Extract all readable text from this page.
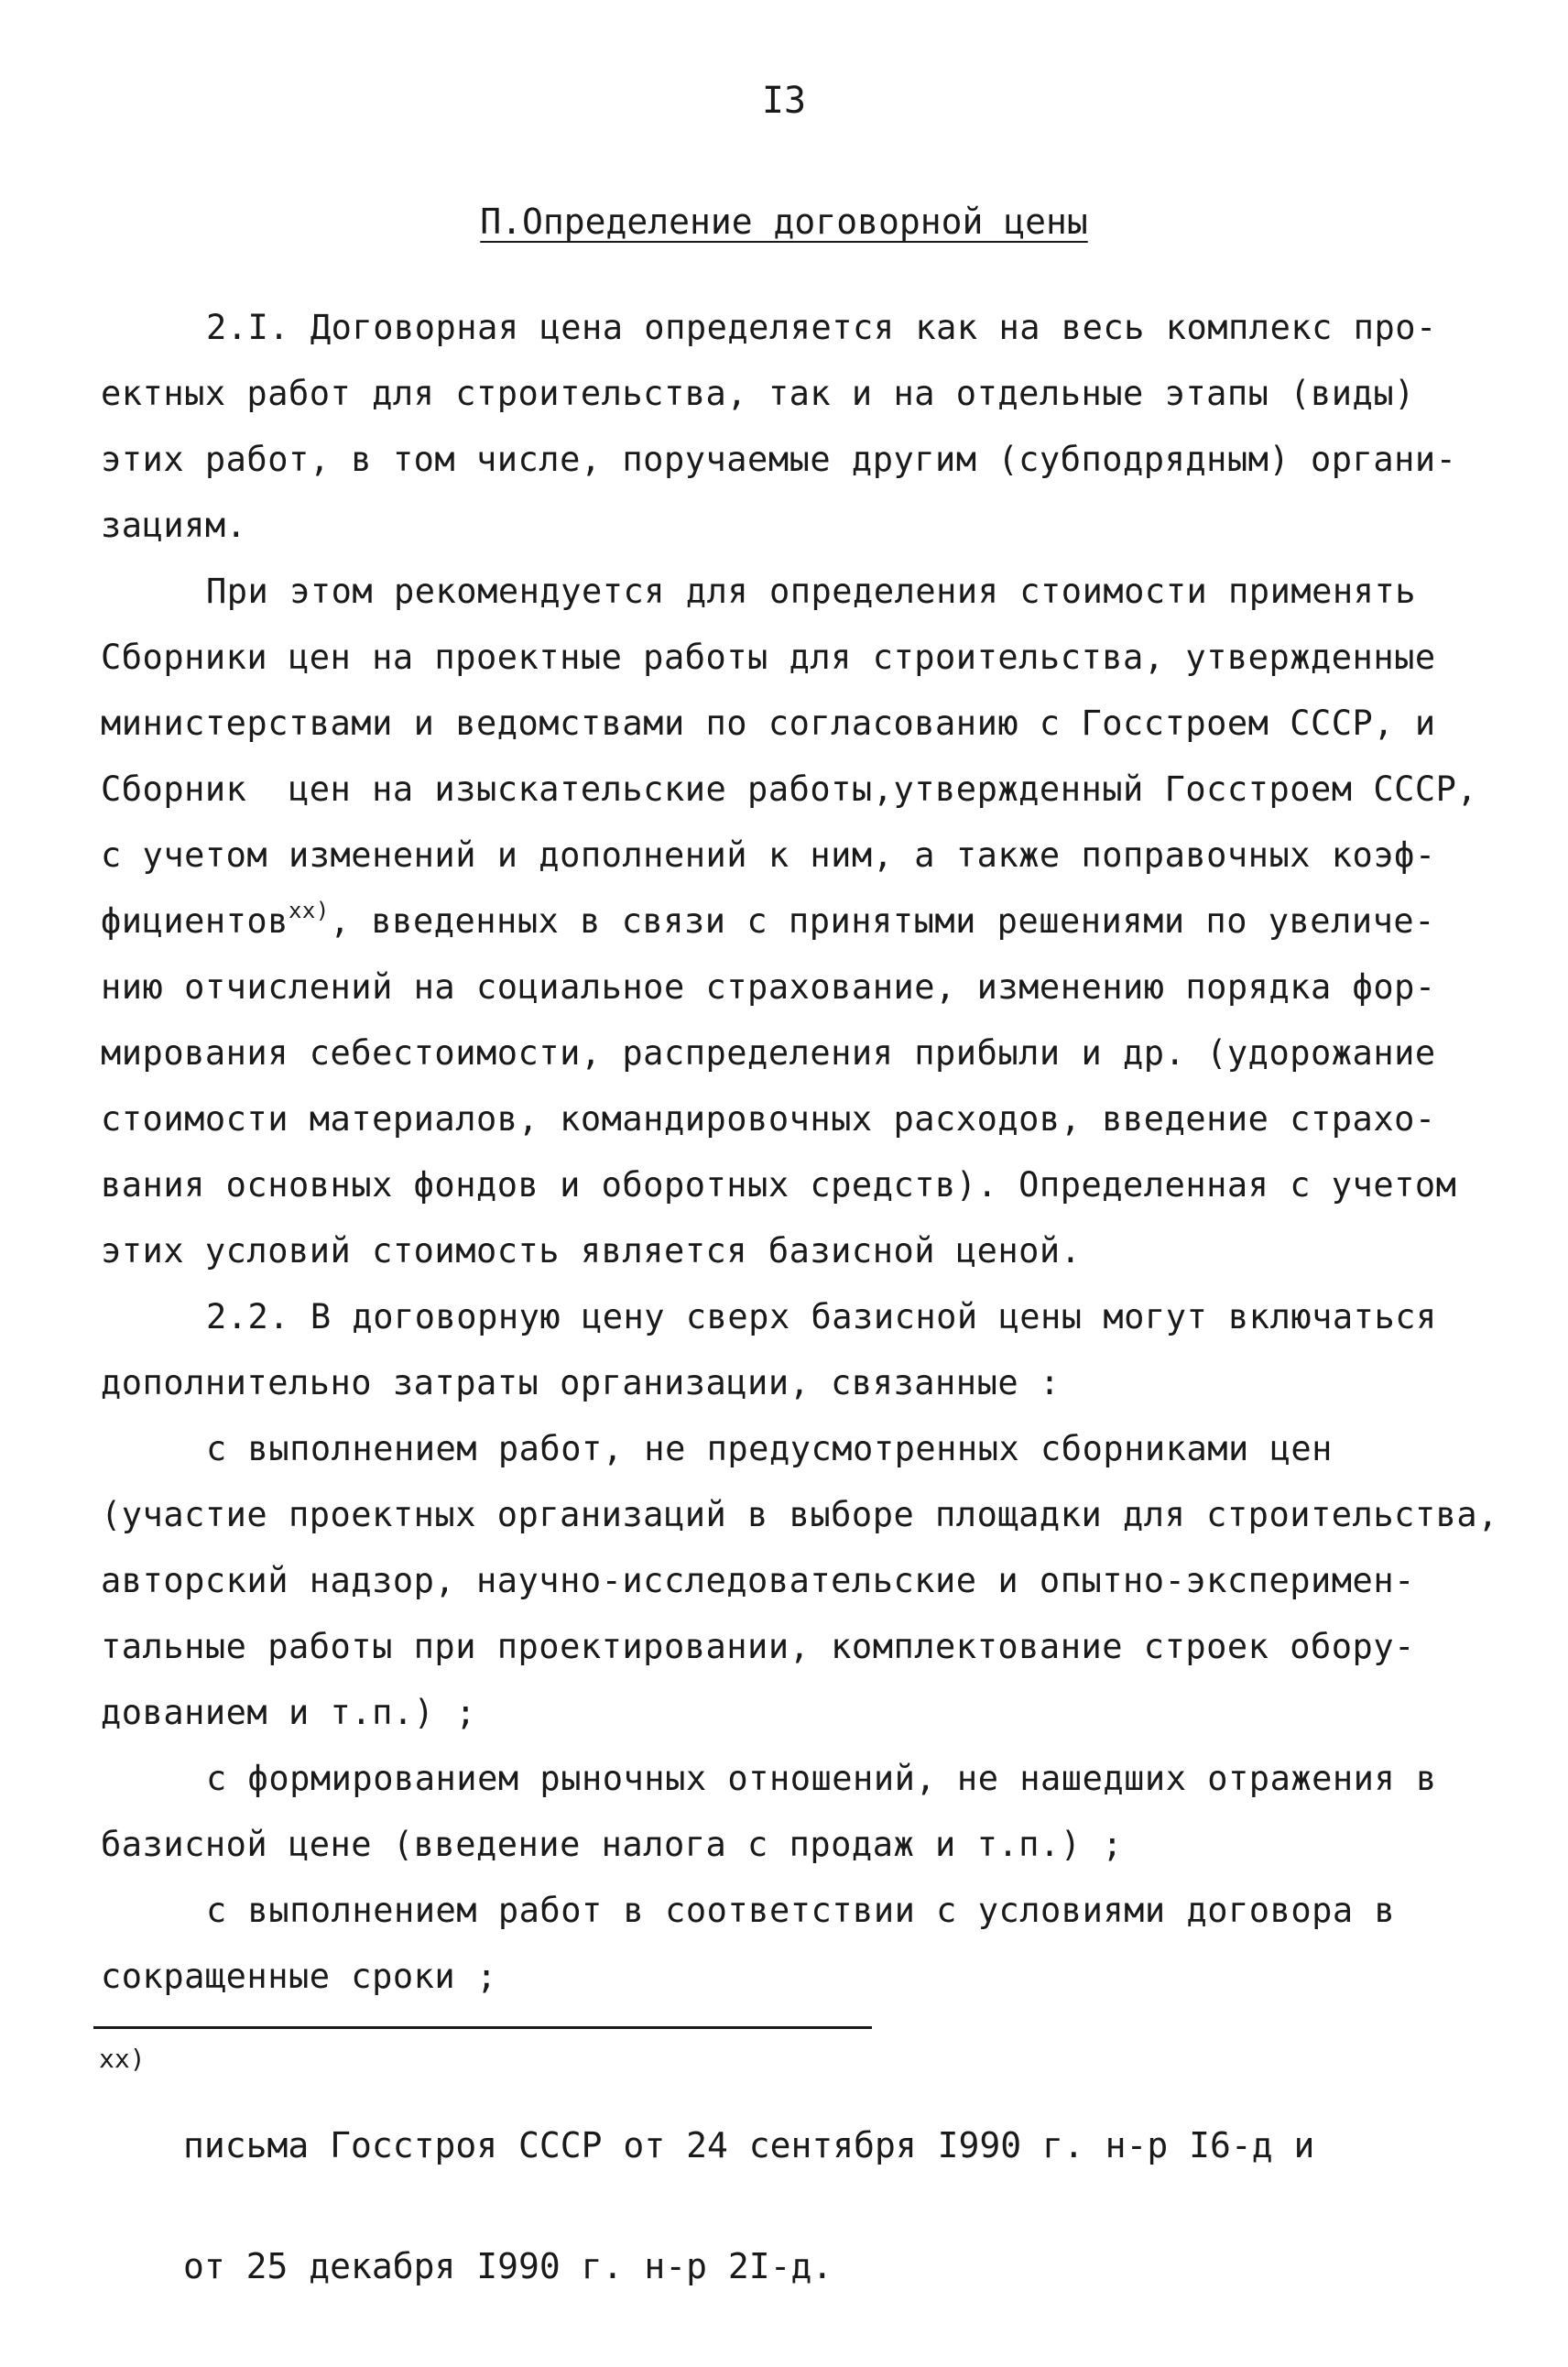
I3
П.Определение договорной цены
2.I. Договорная цена определяется как на весь комплекс про-
ектных работ для строительства, так и на отдельные этапы (виды)
этих работ, в том числе, поручаемые другим (субподрядным) органи-
зациям.
При этом рекомендуется для определения стоимости применять
Сборники цен на проектные работы для строительства, утвержденные
министерствами и ведомствами по согласованию с Госстроем СССР, и
Сборник  цен на изыскательские работы,утвержденный Госстроем СССР,
с учетом изменений и дополнений к ним, а также поправочных коэф-
фициентов$^{xx)}$, введенных в связи с принятыми решениями по увеличе-
нию отчислений на социальное страхование, изменению порядка фор-
мирования себестоимости, распределения прибыли и др. (удорожание
стоимости материалов, командировочных расходов, введение страхо-
вания основных фондов и оборотных средств). Определенная с учетом
этих условий стоимость является базисной ценой.
2.2. В договорную цену сверх базисной цены могут включаться
дополнительно затраты организации, связанные :
с выполнением работ, не предусмотренных сборниками цен
(участие проектных организаций в выборе площадки для строительства,
авторский надзор, научно-исследовательские и опытно-эксперимен-
тальные работы при проектировании, комплектование строек обору-
дованием и т.п.) ;
с формированием рыночных отношений, не нашедших отражения в
базисной цене (введение налога с продаж и т.п.) ;
с выполнением работ в соответствии с условиями договора в
сокращенные сроки ;
xx)

письма Госстроя СССР от 24 сентября I990 г. н-р I6-д и

от 25 декабря I990 г. н-р 2I-д.
